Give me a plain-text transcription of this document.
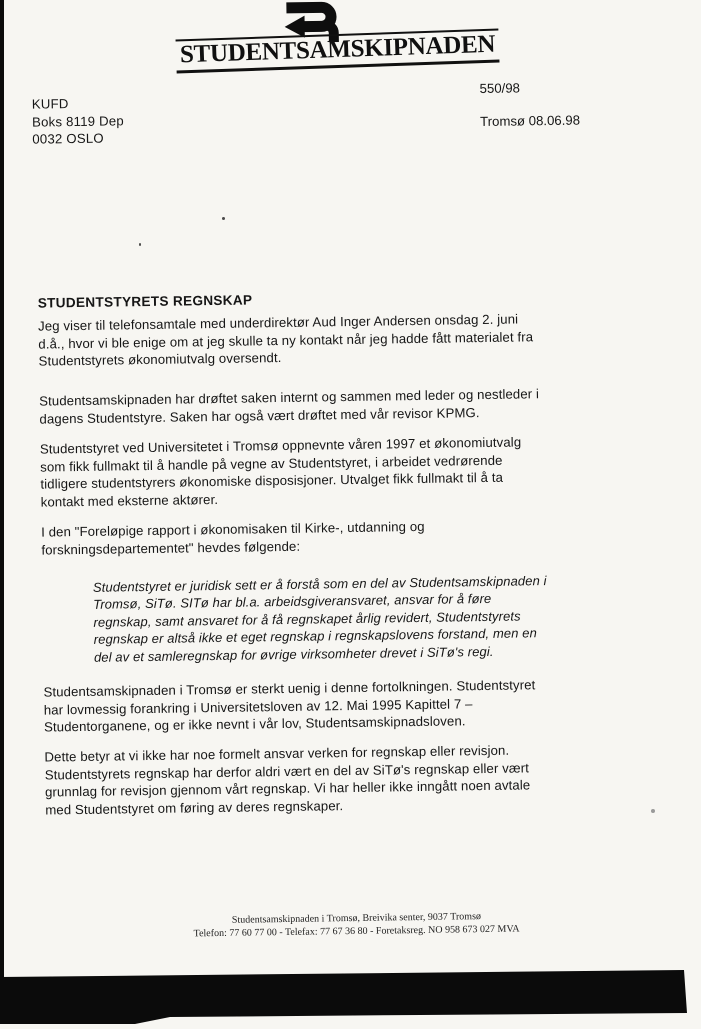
STUDENTSAMSKIPNADEN
KUFD
Boks 8119 Dep
0032 OSLO
550/98
Tromsø 08.06.98
STUDENTSTYRETS REGNSKAP
Jeg viser til telefonsamtale med underdirektør Aud Inger Andersen onsdag 2. juni
d.å., hvor vi ble enige om at jeg skulle ta ny kontakt når jeg hadde fått materialet fra
Studentstyrets økonomiutvalg oversendt.
Studentsamskipnaden har drøftet saken internt og sammen med leder og nestleder i
dagens Studentstyre. Saken har også vært drøftet med vår revisor KPMG.
Studentstyret ved Universitetet i Tromsø oppnevnte våren 1997 et økonomiutvalg
som fikk fullmakt til å handle på vegne av Studentstyret, i arbeidet vedrørende
tidligere studentstyrers økonomiske disposisjoner. Utvalget fikk fullmakt til å ta
kontakt med eksterne aktører.
I den "Foreløpige rapport i økonomisaken til Kirke-, utdanning og
forskningsdepartementet" hevdes følgende:
Studentstyret er juridisk sett er å forstå som en del av Studentsamskipnaden i
Tromsø, SiTø. SITø har bl.a. arbeidsgiveransvaret, ansvar for å føre
regnskap, samt ansvaret for å få regnskapet årlig revidert, Studentstyrets
regnskap er altså ikke et eget regnskap i regnskapslovens forstand, men en
del av et samleregnskap for øvrige virksomheter drevet i SiTø's regi.
Studentsamskipnaden i Tromsø er sterkt uenig i denne fortolkningen. Studentstyret
har lovmessig forankring i Universitetsloven av 12. Mai 1995 Kapittel 7 –
Studentorganene, og er ikke nevnt i vår lov, Studentsamskipnadsloven.
Dette betyr at vi ikke har noe formelt ansvar verken for regnskap eller revisjon.
Studentstyrets regnskap har derfor aldri vært en del av SiTø's regnskap eller vært
grunnlag for revisjon gjennom vårt regnskap. Vi har heller ikke inngått noen avtale
med Studentstyret om føring av deres regnskaper.
Studentsamskipnaden i Tromsø, Breivika senter, 9037 Tromsø
Telefon: 77 60 77 00 - Telefax: 77 67 36 80 - Foretaksreg. NO 958 673 027 MVA
